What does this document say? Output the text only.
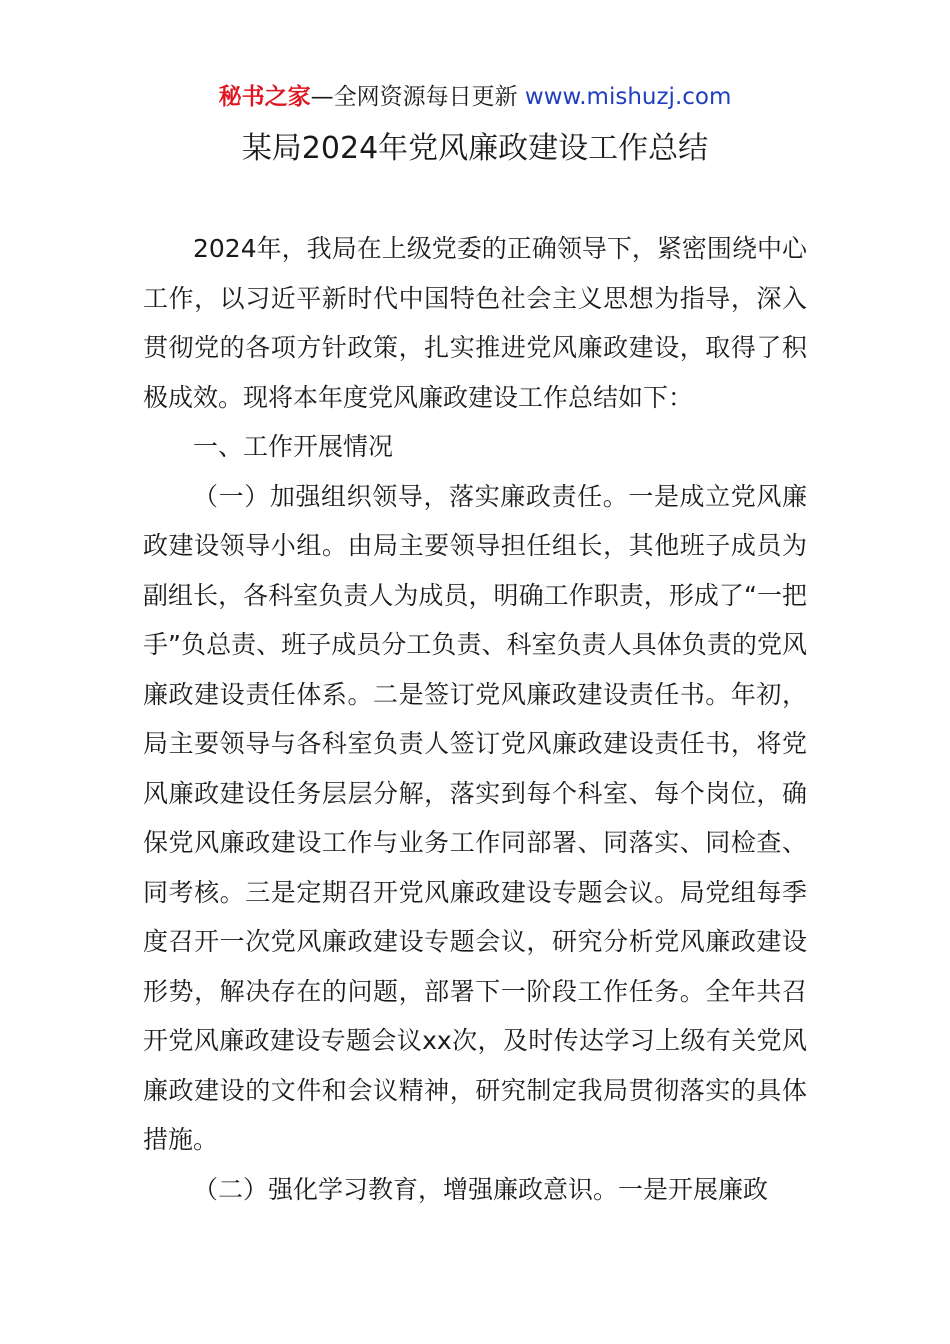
秘书之家—全网资源每日更新 www.mishuzj.com
某局2024年党风廉政建设工作总结

2024年，我局在上级党委的正确领导下，紧密围绕中心工作，以习近平新时代中国特色社会主义思想为指导，深入贯彻党的各项方针政策，扎实推进党风廉政建设，取得了积极成效。现将本年度党风廉政建设工作总结如下：

一、工作开展情况

（一）加强组织领导，落实廉政责任。一是成立党风廉政建设领导小组。由局主要领导担任组长，其他班子成员为副组长，各科室负责人为成员，明确工作职责，形成了“一把手”负总责、班子成员分工负责、科室负责人具体负责的党风廉政建设责任体系。二是签订党风廉政建设责任书。年初，局主要领导与各科室负责人签订党风廉政建设责任书，将党风廉政建设任务层层分解，落实到每个科室、每个岗位，确保党风廉政建设工作与业务工作同部署、同落实、同检查、同考核。三是定期召开党风廉政建设专题会议。局党组每季度召开一次党风廉政建设专题会议，研究分析党风廉政建设形势，解决存在的问题，部署下一阶段工作任务。全年共召开党风廉政建设专题会议xx次，及时传达学习上级有关党风廉政建设的文件和会议精神，研究制定我局贯彻落实的具体措施。

（二）强化学习教育，增强廉政意识。一是开展廉政
